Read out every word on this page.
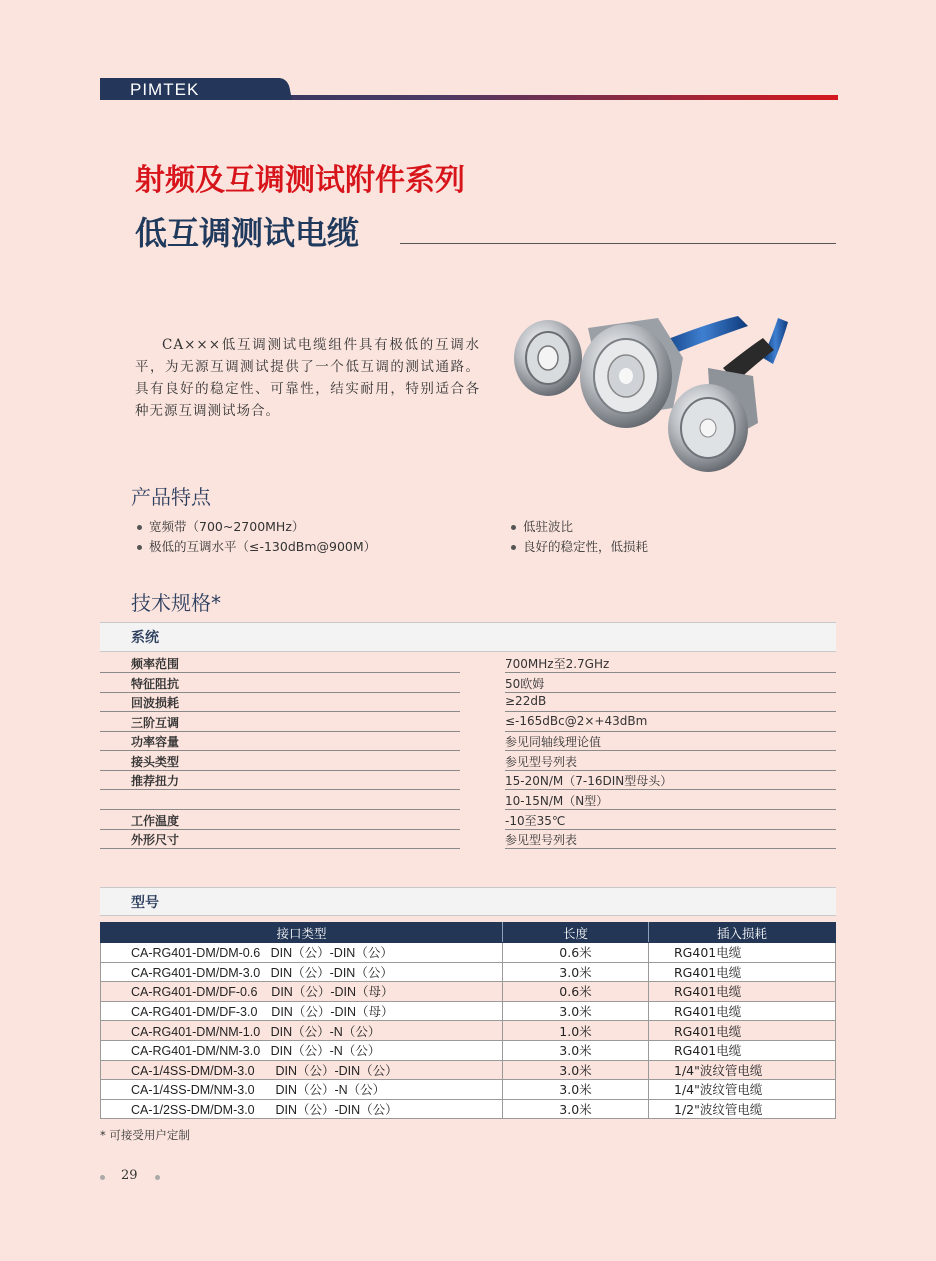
PIMTEK
射频及互调测试附件系列
低互调测试电缆
CA×××低互调测试电缆组件具有极低的互调水平，为无源互调测试提供了一个低互调的测试通路。具有良好的稳定性、可靠性，结实耐用，特别适合各种无源互调测试场合。
产品特点
宽频带（700~2700MHz）
极低的互调水平（≤-130dBm@900M）
低驻波比
良好的稳定性，低损耗
技术规格*
系统
频率范围	700MHz至2.7GHz
特征阻抗	50欧姆
回波损耗	≥22dB
三阶互调	≤-165dBc@2×+43dBm
功率容量	参见同轴线理论值
接头类型	参见型号列表
推荐扭力	15-20N/M（7-16DIN型母头）
10-15N/M（N型）
工作温度	-10至35℃
外形尺寸	参见型号列表
型号
接口类型	长度	插入损耗
CA-RG401-DM/DM-0.6   DIN（公）-DIN（公）	0.6米	RG401电缆
CA-RG401-DM/DM-3.0   DIN（公）-DIN（公）	3.0米	RG401电缆
CA-RG401-DM/DF-0.6    DIN（公）-DIN（母）	0.6米	RG401电缆
CA-RG401-DM/DF-3.0    DIN（公）-DIN（母）	3.0米	RG401电缆
CA-RG401-DM/NM-1.0   DIN（公）-N（公）	1.0米	RG401电缆
CA-RG401-DM/NM-3.0   DIN（公）-N（公）	3.0米	RG401电缆
CA-1/4SS-DM/DM-3.0      DIN（公）-DIN（公）	3.0米	1/4"波纹管电缆
CA-1/4SS-DM/NM-3.0      DIN（公）-N（公）	3.0米	1/4"波纹管电缆
CA-1/2SS-DM/DM-3.0      DIN（公）-DIN（公）	3.0米	1/2"波纹管电缆
* 可接受用户定制
29
